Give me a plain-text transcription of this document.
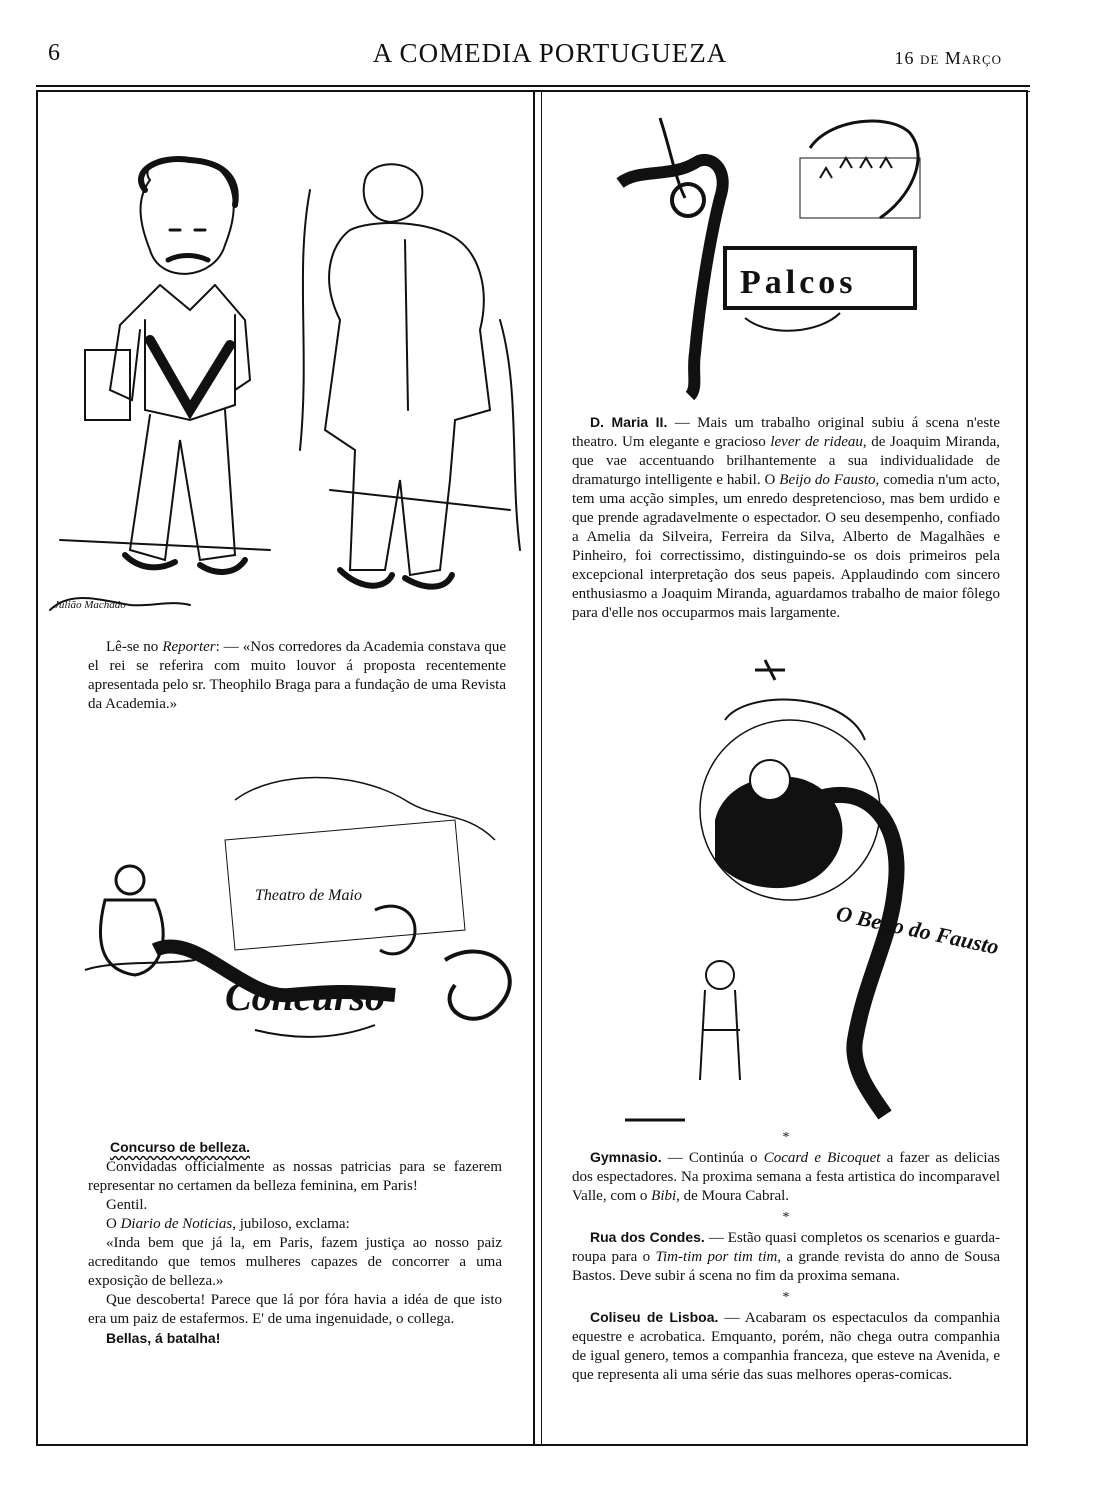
6	A COMEDIA PORTUGUEZA	16 de Março
Julião Machado
Palcos

Lê-se no Reporter: — «Nos corredores da Academia constava que el rei se referira com muito louvor á proposta recentemente apresentada pelo sr. Theophilo Braga para a fundação de uma Revista da Academia.»

D. Maria II. — Mais um trabalho original subiu á scena n'este theatro. Um elegante e gracioso lever de rideau, de Joaquim Miranda, que vae accentuando brilhantemente a sua individualidade de dramaturgo intelligente e habil. O Beijo do Fausto, comedia n'um acto, tem uma acção simples, um enredo despretencioso, mas bem urdido e que prende agradavelmente o espectador. O seu desempenho, confiado a Amelia da Silveira, Ferreira da Silva, Alberto de Magalhães e Pinheiro, foi correctissimo, distinguindo-se os dois primeiros pela excepcional interpretação dos seus papeis. Applaudindo com sincero enthusiasmo a Joaquim Miranda, aguardamos trabalho de maior fôlego para d'elle nos occuparmos mais largamente.

Concurso
Theatro de Maio
O Beijo do Fausto

Concurso de belleza.

Convidadas officialmente as nossas patricias para se fazerem representar no certamen da belleza feminina, em Paris!

Gentil.

O Diario de Noticias, jubiloso, exclama:

«Inda bem que já la, em Paris, fazem justiça ao nosso paiz acreditando que temos mulheres capazes de concorrer a uma exposição de belleza.»

Que descoberta! Parece que lá por fóra havia a idéa de que isto era um paiz de estafermos. E' de uma ingenuidade, o collega.

Bellas, á batalha!

*

Gymnasio. — Continúa o Cocard e Bicoquet a fazer as delicias dos espectadores. Na proxima semana a festa artistica do incomparavel Valle, com o Bibi, de Moura Cabral.

*

Rua dos Condes. — Estão quasi completos os scenarios e guarda-roupa para o Tim-tim por tim tim, a grande revista do anno de Sousa Bastos. Deve subir á scena no fim da proxima semana.

*

Coliseu de Lisboa. — Acabaram os espectaculos da companhia equestre e acrobatica. Emquanto, porém, não chega outra companhia de igual genero, temos a companhia franceza, que esteve na Avenida, e que representa ali uma série das suas melhores operas-comicas.
